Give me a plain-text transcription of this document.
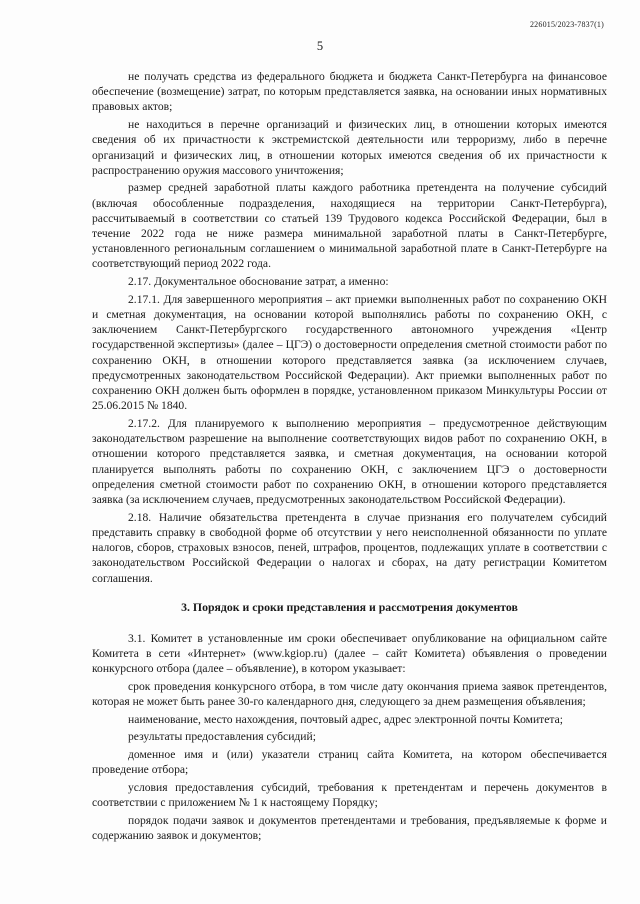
226015/2023-7837(1)
5

не получать средства из федерального бюджета и бюджета Санкт-Петербурга на финансовое обеспечение (возмещение) затрат, по которым представляется заявка, на основании иных нормативных правовых актов;

не находиться в перечне организаций и физических лиц, в отношении которых имеются сведения об их причастности к экстремистской деятельности или терроризму, либо в перечне организаций и физических лиц, в отношении которых имеются сведения об их причастности к распространению оружия массового уничтожения;

размер средней заработной платы каждого работника претендента на получение субсидий (включая обособленные подразделения, находящиеся на территории Санкт-Петербурга), рассчитываемый в соответствии со статьей 139 Трудового кодекса Российской Федерации, был в течение 2022 года не ниже размера минимальной заработной платы в Санкт-Петербурге, установленного региональным соглашением о минимальной заработной плате в Санкт-Петербурге на соответствующий период 2022 года.

2.17. Документальное обоснование затрат, а именно:

2.17.1. Для завершенного мероприятия – акт приемки выполненных работ по сохранению ОКН и сметная документация, на основании которой выполнялись работы по сохранению ОКН, с заключением Санкт-Петербургского государственного автономного учреждения «Центр государственной экспертизы» (далее – ЦГЭ) о достоверности определения сметной стоимости работ по сохранению ОКН, в отношении которого представляется заявка (за исключением случаев, предусмотренных законодательством Российской Федерации). Акт приемки выполненных работ по сохранению ОКН должен быть оформлен в порядке, установленном приказом Минкультуры России от 25.06.2015 № 1840.

2.17.2. Для планируемого к выполнению мероприятия – предусмотренное действующим законодательством разрешение на выполнение соответствующих видов работ по сохранению ОКН, в отношении которого представляется заявка, и сметная документация, на основании которой планируется выполнять работы по сохранению ОКН, с заключением ЦГЭ о достоверности определения сметной стоимости работ по сохранению ОКН, в отношении которого представляется заявка (за исключением случаев, предусмотренных законодательством Российской Федерации).

2.18. Наличие обязательства претендента в случае признания его получателем субсидий представить справку в свободной форме об отсутствии у него неисполненной обязанности по уплате налогов, сборов, страховых взносов, пеней, штрафов, процентов, подлежащих уплате в соответствии с законодательством Российской Федерации о налогах и сборах, на дату регистрации Комитетом соглашения.

3. Порядок и сроки представления и рассмотрения документов

3.1. Комитет в установленные им сроки обеспечивает опубликование на официальном сайте Комитета в сети «Интернет» (www.kgiop.ru) (далее – сайт Комитета) объявления о проведении конкурсного отбора (далее – объявление), в котором указывает:

срок проведения конкурсного отбора, в том числе дату окончания приема заявок претендентов, которая не может быть ранее 30-го календарного дня, следующего за днем размещения объявления;

наименование, место нахождения, почтовый адрес, адрес электронной почты Комитета;

результаты предоставления субсидий;

доменное имя и (или) указатели страниц сайта Комитета, на котором обеспечивается проведение отбора;

условия предоставления субсидий, требования к претендентам и перечень документов в соответствии с приложением № 1 к настоящему Порядку;

порядок подачи заявок и документов претендентами и требования, предъявляемые к форме и содержанию заявок и документов;
